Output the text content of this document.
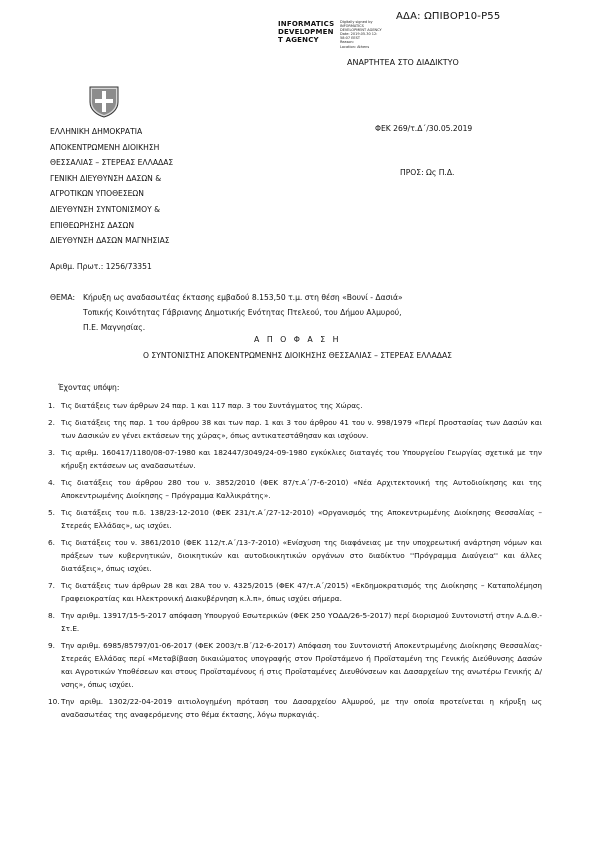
ΑΔΑ: ΩΠΙΒΟΡ10-Ρ55
INFORMATICS
DEVELOPMEN
T AGENCY
Digitally signed by
INFORMATICS
DEVELOPMENT AGENCY
Date: 2019.05.30 12:
58:07 EEST
Reason:
Location: Athens
ΑΝΑΡΤΗΤΕΑ ΣΤΟ ΔΙΑΔΙΚΤΥΟ
ΕΛΛΗΝΙΚΗ ΔΗΜΟΚΡΑΤΙΑ
ΑΠΟΚΕΝΤΡΩΜΕΝΗ ΔΙΟΙΚΗΣΗ
ΘΕΣΣΑΛΙΑΣ – ΣΤΕΡΕΑΣ ΕΛΛΑΔΑΣ
ΓΕΝΙΚΗ ΔΙΕΥΘΥΝΣΗ ΔΑΣΩΝ &
ΑΓΡΟΤΙΚΩΝ ΥΠΟΘΕΣΕΩΝ
ΔΙΕΥΘΥΝΣΗ ΣΥΝΤΟΝΙΣΜΟΥ &
ΕΠΙΘΕΩΡΗΣΗΣ ΔΑΣΩΝ
ΔΙΕΥΘΥΝΣΗ ΔΑΣΩΝ ΜΑΓΝΗΣΙΑΣ
ΦΕΚ 269/τ.Δ΄/30.05.2019
ΠΡΟΣ: Ως Π.Δ.
Αριθμ. Πρωτ.: 1256/73351
ΘΕΜΑ: Κήρυξη ως αναδασωτέας έκτασης εμβαδού 8.153,50 τ.μ. στη θέση «Βουνί - Δασιά»
Τοπικής Κοινότητας Γάβριανης Δημοτικής Ενότητας Πτελεού, του Δήμου Αλμυρού,
Π.Ε. Μαγνησίας.
Α Π Ο Φ Α Σ Η
Ο ΣΥΝΤΟΝΙΣΤΗΣ ΑΠΟΚΕΝΤΡΩΜΕΝΗΣ ΔΙΟΙΚΗΣΗΣ ΘΕΣΣΑΛΙΑΣ – ΣΤΕΡΕΑΣ ΕΛΛΑΔΑΣ
Έχοντας υπόψη:
1. Τις διατάξεις των άρθρων 24 παρ. 1 και 117 παρ. 3 του Συντάγματος της Χώρας.
2. Τις διατάξεις της παρ. 1 του άρθρου 38 και των παρ. 1 και 3 του άρθρου 41 του ν. 998/1979 «Περί Προστασίας των Δασών και των Δασικών εν γένει εκτάσεων της χώρας», όπως αντικατεστάθησαν και ισχύουν.
3. Τις αριθμ. 160417/1180/08-07-1980 και 182447/3049/24-09-1980 εγκύκλιες διαταγές του Υπουργείου Γεωργίας σχετικά με την κήρυξη εκτάσεων ως αναδασωτέων.
4. Τις διατάξεις του άρθρου 280 του ν. 3852/2010 (ΦΕΚ 87/τ.Α΄/7-6-2010) «Νέα Αρχιτεκτονική της Αυτοδιοίκησης και της Αποκεντρωμένης Διοίκησης – Πρόγραμμα Καλλικράτης».
5. Τις διατάξεις του π.δ. 138/23-12-2010 (ΦΕΚ 231/τ.Α΄/27-12-2010) «Οργανισμός της Αποκεντρωμένης Διοίκησης Θεσσαλίας – Στερεάς Ελλάδας», ως ισχύει.
6. Τις διατάξεις του ν. 3861/2010 (ΦΕΚ 112/τ.Α΄/13-7-2010) «Ενίσχυση της διαφάνειας με την υποχρεωτική ανάρτηση νόμων και πράξεων των κυβερνητικών, διοικητικών και αυτοδιοικητικών οργάνων στο διαδίκτυο ''Πρόγραμμα Διαύγεια'' και άλλες διατάξεις», όπως ισχύει.
7. Τις διατάξεις των άρθρων 28 και 28Α του ν. 4325/2015 (ΦΕΚ 47/τ.Α΄/2015) «Εκδημοκρατισμός της Διοίκησης – Καταπολέμηση Γραφειοκρατίας και Ηλεκτρονική Διακυβέρνηση κ.λ.π», όπως ισχύει σήμερα.
8. Την αριθμ. 13917/15-5-2017 απόφαση Υπουργού Εσωτερικών (ΦΕΚ 250 ΥΟΔΔ/26-5-2017) περί διορισμού Συντονιστή στην Α.Δ.Θ.-Στ.Ε.
9. Την αριθμ. 6985/85797/01-06-2017 (ΦΕΚ 2003/τ.Β΄/12-6-2017) Απόφαση του Συντονιστή Αποκεντρωμένης Διοίκησης Θεσσαλίας-Στερεάς Ελλάδας περί «Μεταβίβαση δικαιώματος υπογραφής στον Προϊστάμενο ή Προϊσταμένη της Γενικής Διεύθυνσης Δασών και Αγροτικών Υποθέσεων και στους Προϊσταμένους ή στις Προϊσταμένες Διευθύνσεων και Δασαρχείων της ανωτέρω Γενικής Δ/νσης», όπως ισχύει.
10. Την αριθμ. 1302/22-04-2019 αιτιολογημένη πρόταση του Δασαρχείου Αλμυρού, με την οποία προτείνεται η κήρυξη ως αναδασωτέας της αναφερόμενης στο θέμα έκτασης, λόγω πυρκαγιάς.
